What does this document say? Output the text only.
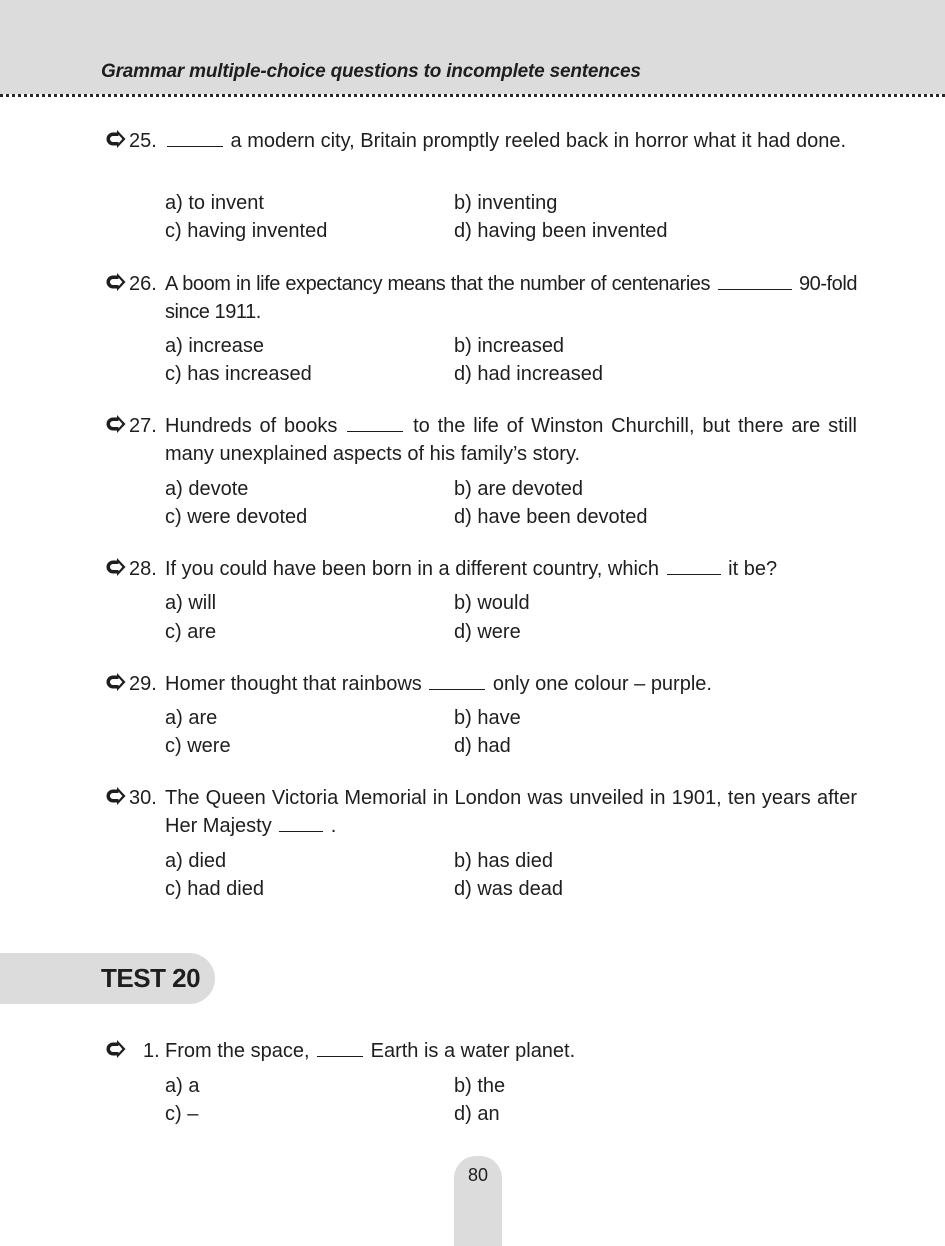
Grammar multiple-choice questions to incomplete sentences
25.	a modern city, Britain promptly reeled back in horror what it had done.
a) to invent	b) inventing
c) having invented	d) having been invented
26. A boom in life expectancy means that the number of centenaries	90-fold since 1911.
a) increase	b) increased
c) has increased	d) had increased
27. Hundreds of books	to the life of Winston Churchill, but there are still many unexplained aspects of his family’s story.
a) devote	b) are devoted
c) were devoted	d) have been devoted
28. If you could have been born in a different country, which	it be?
a) will	b) would
c) are	d) were
29. Homer thought that rainbows	only one colour – purple.
a) are	b) have
c) were	d) had
30. The Queen Victoria Memorial in London was unveiled in 1901, ten years after Her Majesty  .
a) died	b) has died
c) had died	d) was dead
TEST 20
1. From the space,	Earth is a water planet.
a) a	b) the
c) –	d) an
80
